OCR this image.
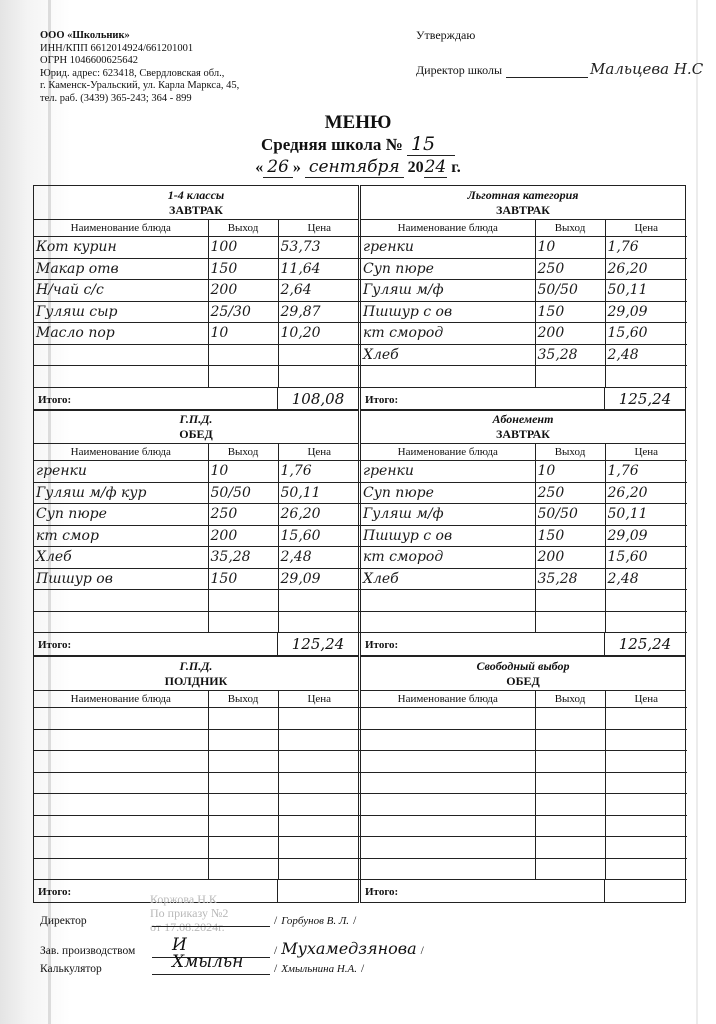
ООО «Школьник»
ИНН/КПП 6612014924/661201001
ОГРН 1046600625642
Юрид. адрес: 623418, Свердловская обл.,
г. Каменск-Уральский, ул. Карла Маркса, 45,
тел. раб. (3439) 365-243; 364 - 899
Утверждаю
Директор школы	Мальцева Н.С
МЕНЮ
Средняя школа № 15
« 26 » сентября 2024 г.
1-4 классы
ЗАВТРАК
Наименование блюда	Выход	Цена
Кот курин	100	53,73
Макар отв	150	11,64
Н/чай с/с	200	2,64
Гуляш сыр	25/30	29,87
Масло пор	10	10,20

Итого:	108,08
Льготная категория
ЗАВТРАК
Наименование блюда	Выход	Цена
гренки	10	1,76
Суп пюре	250	26,20
Гуляш м/ф	50/50	50,11
Пшшур с ов	150	29,09
кт смород	200	15,60
Хлеб	35,28	2,48

Итого:	125,24
Г.П.Д.
ОБЕД
Наименование блюда	Выход	Цена
гренки	10	1,76
Гуляш м/ф кур	50/50	50,11
Суп пюре	250	26,20
кт смор	200	15,60
Хлеб	35,28	2,48
Пшшур ов	150	29,09

Итого:	125,24
Абонемент
ЗАВТРАК
Наименование блюда	Выход	Цена
гренки	10	1,76
Суп пюре	250	26,20
Гуляш м/ф	50/50	50,11
Пшшур с ов	150	29,09
кт смород	200	15,60
Хлеб	35,28	2,48

Итого:	125,24
Г.П.Д.
ПОЛДНИК
Наименование блюда	Выход	Цена

Итого:
Свободный выбор
ОБЕД
Наименование блюда	Выход	Цена

Итого:
Коржова Н.К
По приказу №2
от 17.08.2024г.
Директор	/ Горбунов В. Л. /
Зав. производством И	/ Мухамедзянова /
Калькулятор	Хмыльн	/ Хмыльнина Н.А. /
